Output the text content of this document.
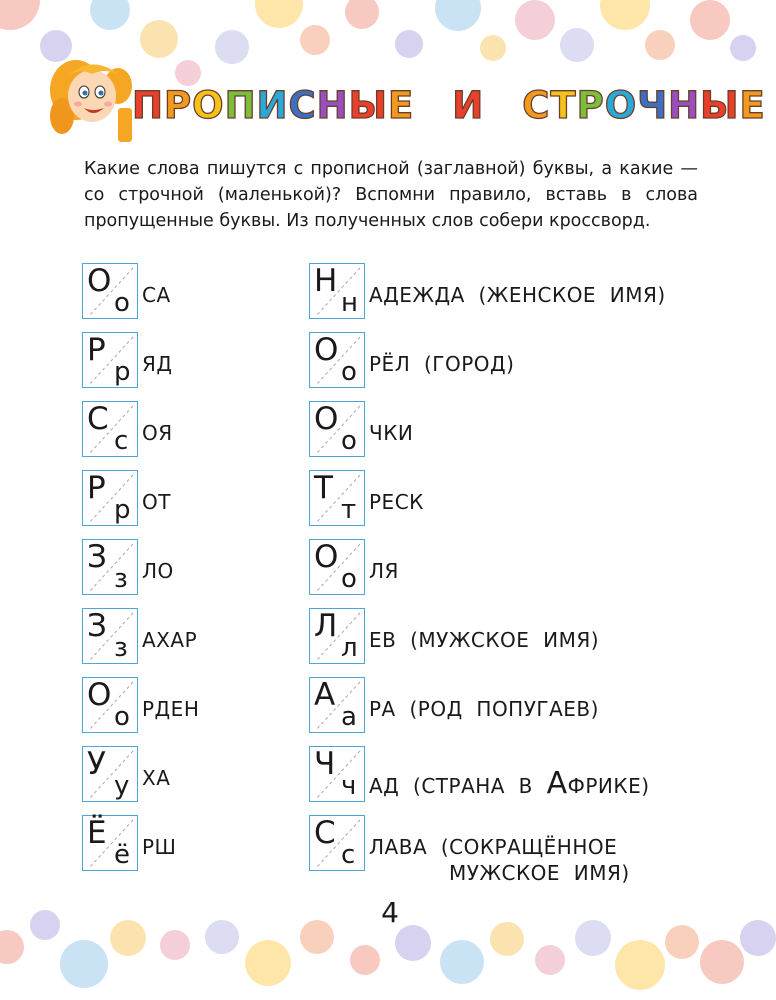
ПРОПИСНЫЕ И СТРОЧНЫЕ
Какие слова пишутся с прописной (заглавной) буквы, а какие — со строчной (маленькой)? Вспомни правило, вставь в слова пропущенные буквы. Из полученных слов собери кроссворд.
О
о СА
Р
р ЯД
С
с ОЯ
Р
р ОТ
З
з ЛО
З
з АХАР
О
о РДЕН
У
у ХА
Ё
ё РШ
Н
н АДЕЖДА  (ЖЕНСКОЕ  ИМЯ)
О
о РЁЛ  (ГОРОД)
О
о ЧКИ
Т
т РЕСК
О
о ЛЯ
Л
л ЕВ  (МУЖСКОЕ  ИМЯ)
А
а РА  (РОД  ПОПУГАЕВ)
Ч
ч АД  (СТРАНА  В  АФРИКЕ)
С
с ЛАВА  (СОКРАЩЁННОЕ
МУЖСКОЕ  ИМЯ)
4
